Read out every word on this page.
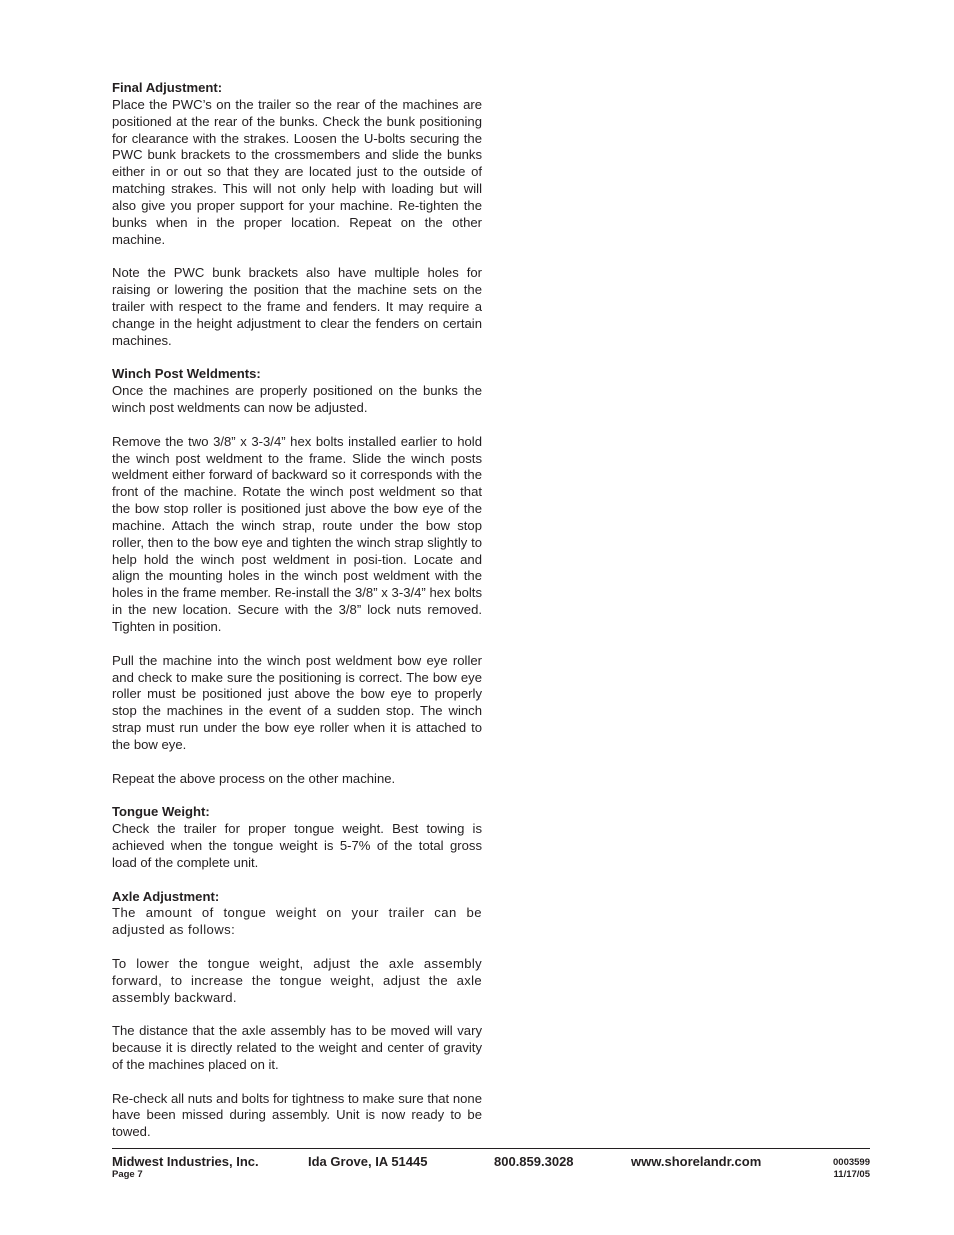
Final Adjustment:
Place the PWC’s on the trailer so the rear of the machines are positioned at the rear of the bunks. Check the bunk positioning for clearance with the strakes. Loosen the U-bolts securing the PWC bunk brackets to the crossmembers and slide the bunks either in or out so that they are located just to the outside of matching strakes. This will not only help with loading but will also give you proper support for your machine. Re-tighten the bunks when in the proper location. Repeat on the other machine.
Note the PWC bunk brackets also have multiple holes for raising or lowering the position that the machine sets on the trailer with respect to the frame and fenders. It may require a change in the height adjustment to clear the fenders on certain machines.
Winch Post Weldments:
Once the machines are properly positioned on the bunks the winch post weldments can now be adjusted.
Remove the two 3/8” x 3-3/4” hex bolts installed earlier to hold the winch post weldment to the frame. Slide the winch posts weldment either forward of backward so it corresponds with the front of the machine. Rotate the winch post weldment so that the bow stop roller is positioned just above the bow eye of the machine. Attach the winch strap, route under the bow stop roller, then to the bow eye and tighten the winch strap slightly to help hold the winch post weldment in posi-tion. Locate and align the mounting holes in the winch post weldment with the holes in the frame member. Re-install the 3/8” x 3-3/4” hex bolts in the new location. Secure with the 3/8” lock nuts removed. Tighten in position.
Pull the machine into the winch post weldment bow eye roller and check to make sure the positioning is correct. The bow eye roller must be positioned just above the bow eye to properly stop the machines in the event of a sudden stop. The winch strap must run under the bow eye roller when it is attached to the bow eye.
Repeat the above process on the other machine.
Tongue Weight:
Check the trailer for proper tongue weight. Best towing is achieved when the tongue weight is 5-7% of the total gross load of the complete unit.
Axle Adjustment:
The amount of tongue weight on your trailer can be adjusted as follows:
To lower the tongue weight, adjust the axle assembly forward, to increase the tongue weight, adjust the axle assembly backward.
The distance that the axle assembly has to be moved will vary because it is directly related to the weight and center of gravity of the machines placed on it.
Re-check all nuts and bolts for tightness to make sure that none have been missed during assembly. Unit is now ready to be towed.
Midwest Industries, Inc.	Ida Grove, IA 51445	800.859.3028	www.shorelandr.com	0003599
Page 7	11/17/05
